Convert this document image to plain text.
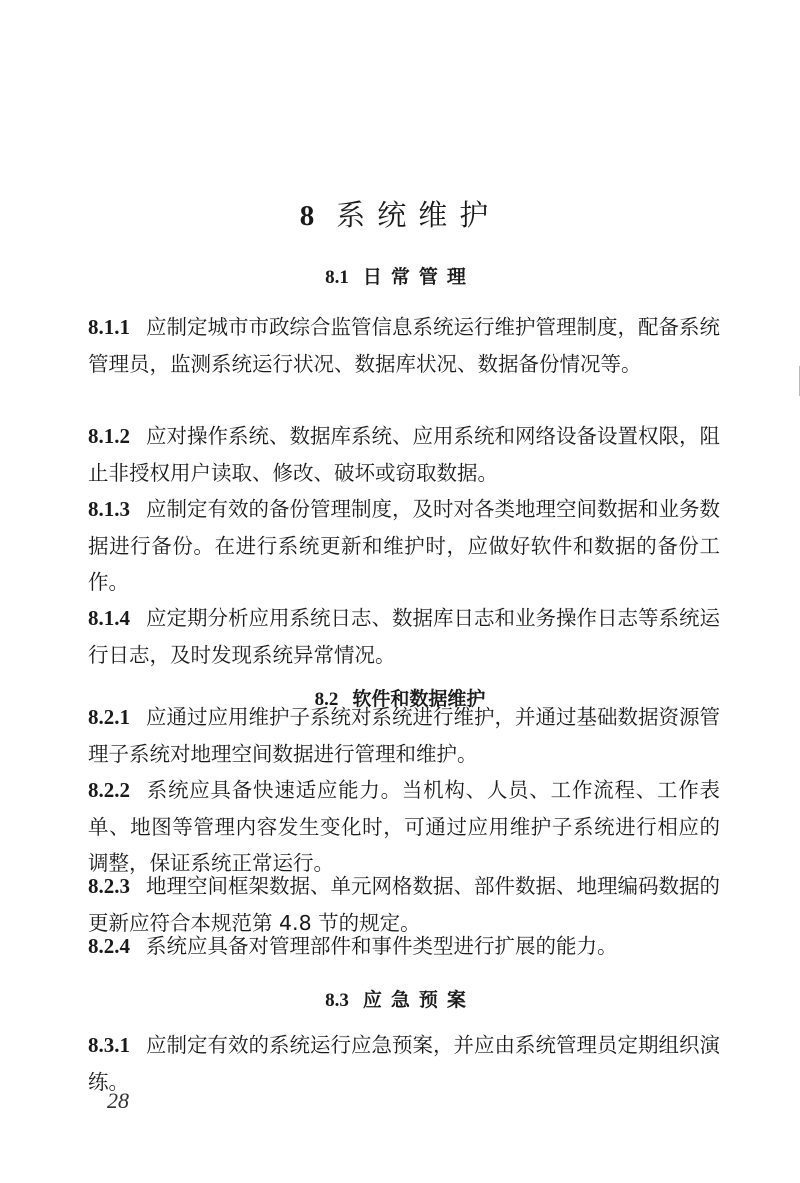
8 系统维护
8.1 日常管理
8.1.1 应制定城市市政综合监管信息系统运行维护管理制度，配备系统管理员，监测系统运行状况、数据库状况、数据备份情况等。
8.1.2 应对操作系统、数据库系统、应用系统和网络设备设置权限，阻止非授权用户读取、修改、破坏或窃取数据。
8.1.3 应制定有效的备份管理制度，及时对各类地理空间数据和业务数据进行备份。在进行系统更新和维护时，应做好软件和数据的备份工作。
8.1.4 应定期分析应用系统日志、数据库日志和业务操作日志等系统运行日志，及时发现系统异常情况。
8.2 软件和数据维护
8.2.1 应通过应用维护子系统对系统进行维护，并通过基础数据资源管理子系统对地理空间数据进行管理和维护。
8.2.2 系统应具备快速适应能力。当机构、人员、工作流程、工作表单、地图等管理内容发生变化时，可通过应用维护子系统进行相应的调整，保证系统正常运行。
8.2.3 地理空间框架数据、单元网格数据、部件数据、地理编码数据的更新应符合本规范第 4.8 节的规定。
8.2.4 系统应具备对管理部件和事件类型进行扩展的能力。
8.3 应急预案
8.3.1 应制定有效的系统运行应急预案，并应由系统管理员定期组织演练。
28
